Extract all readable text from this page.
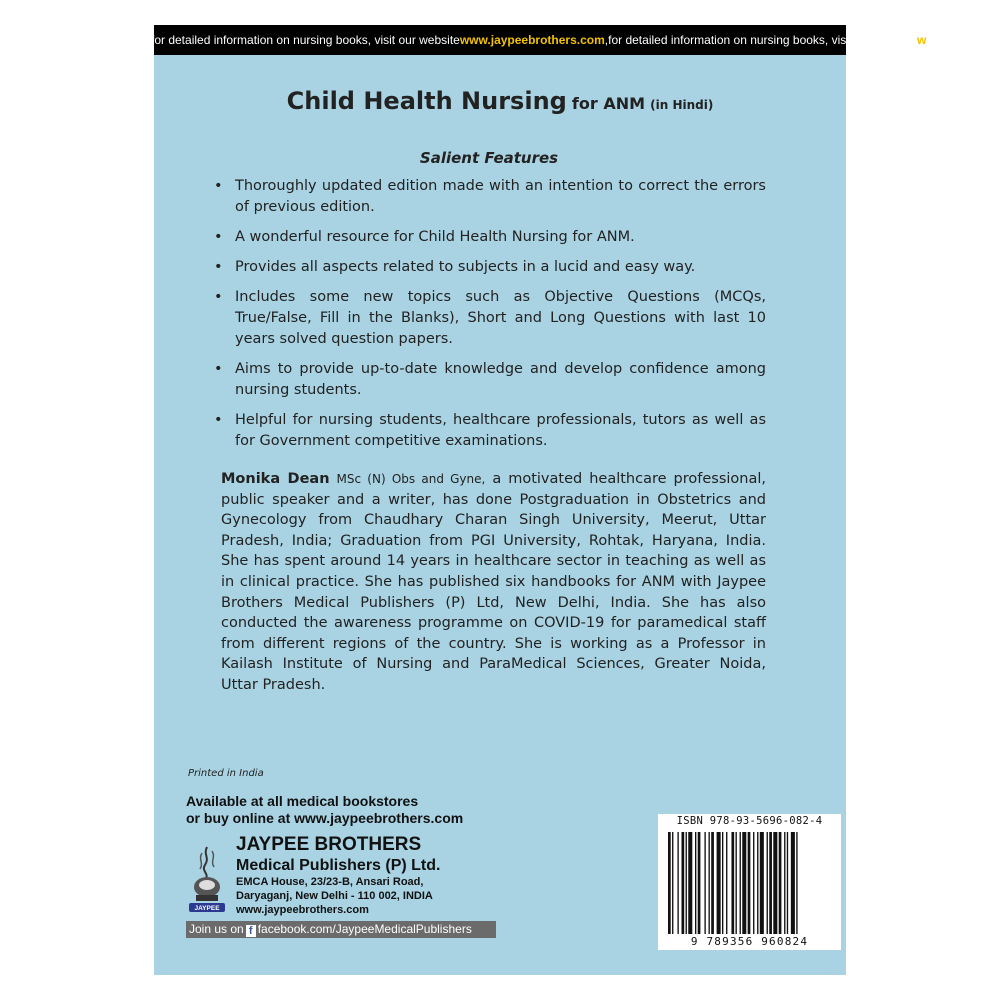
for detailed information on nursing books, visit our websitewww.jaypeebrothers.com,for detailed information on nursing books, visit our websitew
Child Health Nursing for ANM (in Hindi)
Salient Features
• Thoroughly updated edition made with an intention to correct the errors of previous edition.
• A wonderful resource for Child Health Nursing for ANM.
• Provides all aspects related to subjects in a lucid and easy way.
• Includes some new topics such as Objective Questions (MCQs, True/False, Fill in the Blanks), Short and Long Questions with last 10 years solved question papers.
• Aims to provide up-to-date knowledge and develop confidence among nursing students.
• Helpful for nursing students, healthcare professionals, tutors as well as for Government competitive examinations.
Monika Dean MSc (N) Obs and Gyne, a motivated healthcare professional, public speaker and a writer, has done Postgraduation in Obstetrics and Gynecology from Chaudhary Charan Singh University, Meerut, Uttar Pradesh, India; Graduation from PGI University, Rohtak, Haryana, India. She has spent around 14 years in healthcare sector in teaching as well as in clinical practice. She has published six handbooks for ANM with Jaypee Brothers Medical Publishers (P) Ltd, New Delhi, India. She has also conducted the awareness programme on COVID-19 for paramedical staff from different regions of the country. She is working as a Professor in Kailash Institute of Nursing and ParaMedical Sciences, Greater Noida, Uttar Pradesh.
Printed in India
Available at all medical bookstores
or buy online at www.jaypeebrothers.com
JAYPEE
JAYPEE BROTHERS
Medical Publishers (P) Ltd.
EMCA House, 23/23-B, Ansari Road,
Daryaganj, New Delhi - 110 002, INDIA
www.jaypeebrothers.com
Join us on f facebook.com/JaypeeMedicalPublishers
ISBN 978-93-5696-082-4
9 789356 960824
